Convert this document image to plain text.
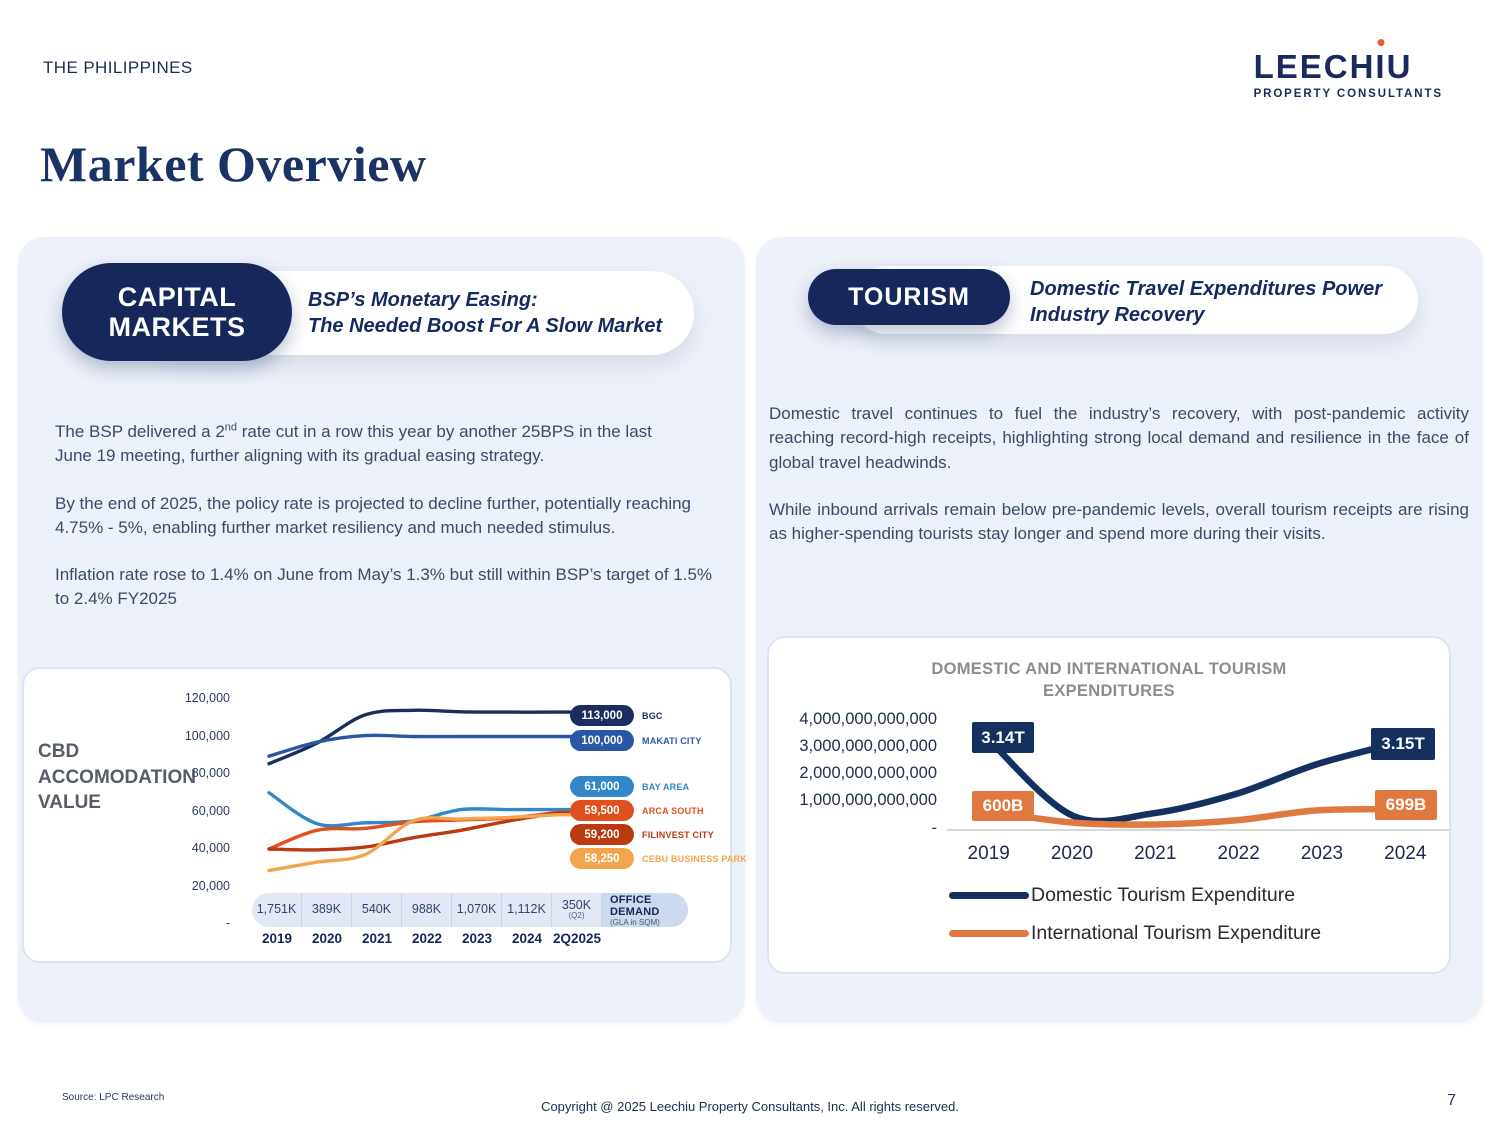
THE PHILIPPINES	LEECHIU
PROPERTY CONSULTANTS
Market Overview
BSP’s Monetary Easing:
The Needed Boost For A Slow Market
CAPITAL MARKETS

The BSP delivered a 2nd rate cut in a row this year by another 25BPS in the last
June 19 meeting, further aligning with its gradual easing strategy.

By the end of 2025, the policy rate is projected to decline further, potentially reaching 4.75% - 5%, enabling further market resiliency and much needed stimulus.

Inflation rate rose to 1.4% on June from May’s 1.3% but still within BSP’s target of 1.5% to 2.4% FY2025

CBD ACCOMODATION VALUE
120,000
100,000
80,000
60,000
40,000
20,000
-
113,000	BGC
100,000	MAKATI CITY
61,000	BAY AREA
59,500	ARCA SOUTH
59,200	FILINVEST CITY
58,250	CEBU BUSINESS PARK
1,751K	389K	540K	988K	1,070K 1,112K	350K
(Q2)
OFFICE DEMAND
(GLA in SQM)
2019	2020	2021	2022	2023	2024 2Q2025
Domestic Travel Expenditures Power
Industry Recovery
TOURISM

Domestic travel continues to fuel the industry’s recovery, with post-pandemic activity reaching record-high receipts, highlighting strong local demand and resilience in the face of global travel headwinds.

While inbound arrivals remain below pre-pandemic levels, overall tourism receipts are rising as higher-spending tourists stay longer and spend more during their visits.

DOMESTIC AND INTERNATIONAL TOURISM EXPENDITURES
4,000,000,000,000
3,000,000,000,000
2,000,000,000,000
1,000,000,000,000
-
3.14T	3.15T
600B	699B
2019	2020	2021	2022	2023	2024
Domestic Tourism Expenditure
International Tourism Expenditure
Source: LPC Research
Copyright @ 2025 Leechiu Property Consultants, Inc. All rights reserved.	7
